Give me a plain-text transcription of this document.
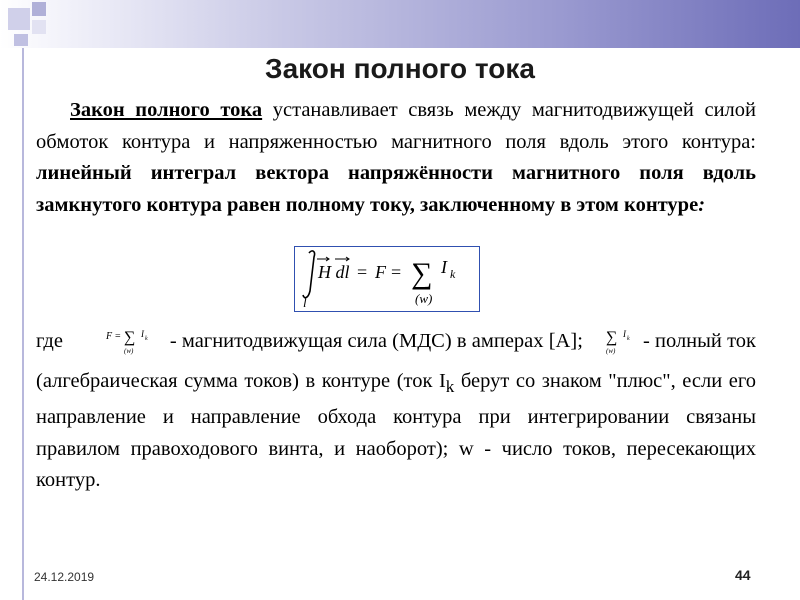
Закон полного тока
Закон полного тока устанавливает связь между магнитодвижущей силой обмоток контура и напряженностью магнитного поля вдоль этого контура: линейный интеграл вектора напряжённости магнитного поля вдоль замкнутого контура равен полному току, заключенному в этом контуре:
H dl = F = ∑ I k
(w)
l
где	F = ∑ I k
(w) - магнитодвижущая сила (МДС) в амперах [А]; ∑ I k
(w) - полный ток (алгебраическая сумма токов) в контуре (ток $I_k$ берут со знаком "плюс", если его направление и направление обхода контура при интегрировании связаны правилом правоходового винта, и наоборот); w - число токов, пересекающих контур.
24.12.2019	44
